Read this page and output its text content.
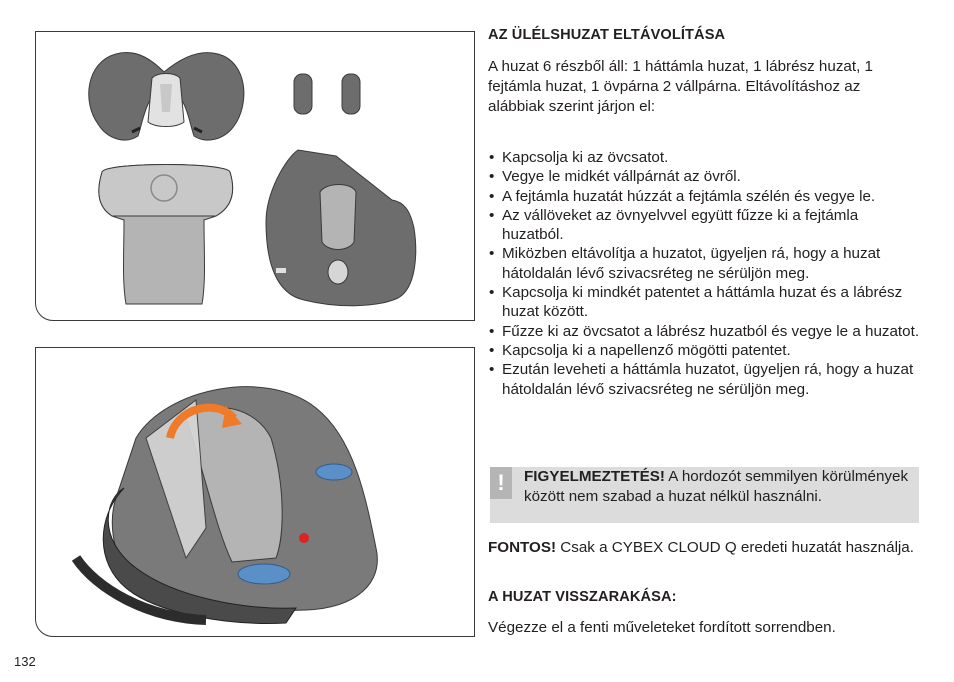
AZ ÜLÉLSHUZAT ELTÁVOLÍTÁSA
A huzat 6 részből áll: 1 háttámla huzat, 1 lábrész huzat, 1 fejtámla huzat, 1 övpárna 2 vállpárna. Eltávolításhoz az alábbiak szerint járjon el:
• Kapcsolja ki az övcsatot.
• Vegye le midkét vállpárnát az övről.
• A fejtámla huzatát húzzát a fejtámla szélén és vegye le.
• Az vállöveket az övnyelvvel együtt fűzze ki a fejtámla huzatból.
• Miközben eltávolítja a huzatot, ügyeljen rá, hogy a huzat hátoldalán lévő szivacsréteg ne sérüljön meg.
• Kapcsolja ki mindkét patentet a háttámla huzat és a lábrész huzat között.
• Fűzze ki az övcsatot a lábrész huzatból és vegye le a huzatot.
• Kapcsolja ki a napellenző mögötti patentet.
• Ezután leveheti a háttámla huzatot, ügyeljen rá, hogy a huzat hátoldalán lévő szivacsréteg ne sérüljön meg.
!	FIGYELMEZTETÉS! A hordozót semmilyen körülmények között nem szabad a huzat nélkül használni.
FONTOS! Csak a CYBEX CLOUD Q eredeti huzatát használja.
A HUZAT VISSZARAKÁSA:
Végezze el a fenti műveleteket fordított sorrendben.
132
